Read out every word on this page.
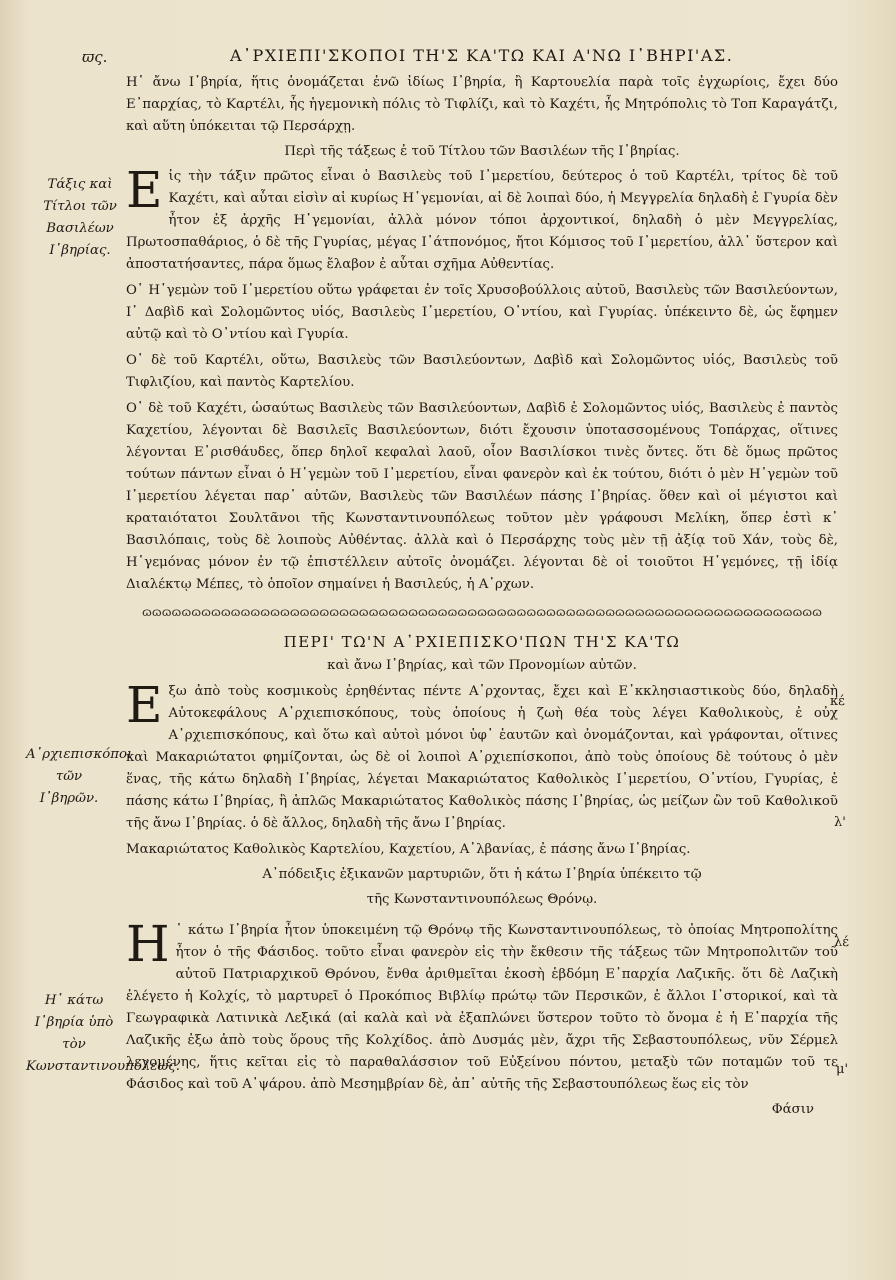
ϖς.	Α᾿ΡΧΙΕΠΙ'ΣΚΟΠΟΙ ΤΗ'Σ ΚΑ'ΤΩ ΚΑΙ Α'ΝΩ Ι᾿ΒΗΡΙ'ΑΣ.
Τάξις καὶ Τίτλοι τῶν Βασιλέων Ι᾿βηρίας.
Α᾿ρχιεπισκόποι τῶν Ι᾿βηρῶν.
Η῾ κάτω Ι᾿βηρία ὑπὸ τὸν Κωνσταντινουπόλεως.
κέ
λ'
λέ
μ'

Η῾ ἄνω Ι᾿βηρία, ἥτις ὀνομάζεται ἐνῶ ἰδίως Ι᾿βηρία, ἢ Καρτουελία παρὰ τοῖς ἐγχωρίοις, ἔχει δύο Ε᾿παρχίας, τὸ Καρτέλι, ἧς ἡγεμονικὴ πόλις τὸ Τιφλίζι, καὶ τὸ Καχέτι, ἧς Μητρόπολις τὸ Τοπ Καραγάτζι, καὶ αὕτη ὑπόκειται τῷ Περσάρχῃ.

Περὶ τῆς τάξεως ἐ τοῦ Τίτλου τῶν Βασιλέων τῆς Ι᾿βηρίας.

Εἰς τὴν τάξιν πρῶτος εἶναι ὁ Βασιλεὺς τοῦ Ι᾿μερετίου, δεύτερος ὁ τοῦ Καρτέλι, τρίτος δὲ τοῦ Καχέτι, καὶ αὗται εἰσὶν αἱ κυρίως Η῾γεμονίαι, αἱ δὲ λοιπαὶ δύο, ἡ Μεγγρελία δηλαδὴ ἐ Γγυρία δὲν ἦτον ἐξ ἀρχῆς Η῾γεμονίαι, ἀλλὰ μόνον τόποι ἀρχοντικοί, δηλαδὴ ὁ μὲν Μεγγρελίας, Πρωτοσπαθάριος, ὁ δὲ τῆς Γγυρίας, μέγας Ι᾿άτπονόμος, ἤτοι Κόμισος τοῦ Ι᾿μερετίου, ἀλλ᾿ ὕστερον καὶ ἀποστατήσαντες, πάρα ὅμως ἔλαβον ἐ αὗται σχῆμα Αὐθεντίας.

Ο῾ Η῾γεμὼν τοῦ Ι᾿μερετίου οὕτω γράφεται ἐν τοῖς Χρυσοβούλλοις αὐτοῦ, Βασιλεὺς τῶν Βασιλεύοντων, Ι᾿ Δαβὶδ καὶ Σολομῶντος υἱός, Βασιλεὺς Ι᾿μερετίου, Ο᾿ντίου, καὶ Γγυρίας. ὑπέκειντο δὲ, ὡς ἔφημεν αὐτῷ καὶ τὸ Ο᾿ντίου καὶ Γγυρία.

Ο῾ δὲ τοῦ Καρτέλι, οὕτω, Βασιλεὺς τῶν Βασιλεύοντων, Δαβὶδ καὶ Σολομῶντος υἱός, Βασιλεὺς τοῦ Τιφλιζίου, καὶ παντὸς Καρτελίου.

Ο῾ δὲ τοῦ Καχέτι, ὡσαύτως Βασιλεὺς τῶν Βασιλεύοντων, Δαβὶδ ἐ Σολομῶντος υἱός, Βασιλεὺς ἐ παντὸς Καχετίου, λέγονται δὲ Βασιλεῖς Βασιλεύοντων, διότι ἔχουσιν ὑποτασσομένους Τοπάρχας, οἵτινες λέγονται Ε᾿ρισθάυδες, ὅπερ δηλοῖ κεφαλαὶ λαοῦ, οἷον Βασιλίσκοι τινὲς ὄντες. ὅτι δὲ ὅμως πρῶτος τούτων πάντων εἶναι ὁ Η῾γεμὼν τοῦ Ι᾿μερετίου, εἶναι φανερὸν καὶ ἐκ τούτου, διότι ὁ μὲν Η῾γεμὼν τοῦ Ι᾿μερετίου λέγεται παρ᾿ αὐτῶν, Βασιλεὺς τῶν Βασιλέων πάσης Ι᾿βηρίας. ὅθεν καὶ οἱ μέγιστοι καὶ κραταιότατοι Σουλτᾶνοι τῆς Κωνσταντινουπόλεως τοῦτον μὲν γράφουσι Μελίκη, ὅπερ ἐστὶ κ᾿ Βασιλόπαις, τοὺς δὲ λοιποὺς Αὐθέντας. ἀλλὰ καὶ ὁ Περσάρχης τοὺς μὲν τῇ ἀξίᾳ τοῦ Χάν, τοὺς δὲ, Η῾γεμόνας μόνον ἐν τῷ ἐπιστέλλειν αὐτοῖς ὀνομάζει. λέγονται δὲ οἱ τοιοῦτοι Η῾γεμόνες, τῇ ἰδίᾳ Διαλέκτῳ Μέπες, τὸ ὁποῖον σημαίνει ἡ Βασιλεύς, ἡ Α᾿ρχων.

ɷɷɷɷɷɷɷɷɷɷɷɷɷɷɷɷɷɷɷɷɷɷɷɷɷɷɷɷɷɷɷɷɷɷɷɷɷɷɷɷɷɷɷɷɷɷɷɷɷɷɷɷɷɷɷɷɷɷɷɷɷɷɷɷɷɷɷɷɷ
ΠΕΡΙ' ΤΩ'Ν Α᾿ΡΧΙΕΠΙΣΚΟ'ΠΩΝ ΤΗ'Σ ΚΑ'ΤΩ
καὶ ἄνω Ι᾿βηρίας, καὶ τῶν Προνομίων αὐτῶν.

Εξω ἀπὸ τοὺς κοσμικοὺς ἐρηθέντας πέντε Α᾿ρχοντας, ἔχει καὶ Ε᾿κκλησιαστικοὺς δύο, δηλαδὴ Αὐτοκεφάλους Α᾿ρχιεπισκόπους, τοὺς ὁποίους ἡ ζωὴ θέα τοὺς λέγει Καθολικοὺς, ἐ οὐχ Α᾿ρχιεπισκόπους, καὶ ὅτω καὶ αὐτοὶ μόνοι ὑφ᾿ ἑαυτῶν καὶ ὀνομάζονται, καὶ γράφονται, οἵτινες καὶ Μακαριώτατοι φημίζονται, ὡς δὲ οἱ λοιποὶ Α᾿ρχιεπίσκοποι, ἀπὸ τοὺς ὁποίους δὲ τούτους ὁ μὲν ἕνας, τῆς κάτω δηλαδὴ Ι᾿βηρίας, λέγεται Μακαριώτατος Καθολικὸς Ι᾿μερετίου, Ο᾿ντίου, Γγυρίας, ἐ πάσης κάτω Ι᾿βηρίας, ἢ ἁπλῶς Μακαριώτατος Καθολικὸς πάσης Ι᾿βηρίας, ὡς μείζων ὢν τοῦ Καθολικοῦ τῆς ἄνω Ι᾿βηρίας. ὁ δὲ ἄλλος, δηλαδὴ τῆς ἄνω Ι᾿βηρίας.

Μακαριώτατος Καθολικὸς Καρτελίου, Καχετίου, Α᾿λβανίας, ἐ πάσης ἄνω Ι᾿βηρίας.

Α᾿πόδειξις ἐξικανῶν μαρτυριῶν, ὅτι ἡ κάτω Ι᾿βηρία ὑπέκειτο τῷ
τῆς Κωνσταντινουπόλεως Θρόνῳ.

Η ῾ κάτω Ι᾿βηρία ἦτον ὑποκειμένη τῷ Θρόνῳ τῆς Κωνσταντινουπόλεως, τὸ ὁποίας Μητροπολίτης ἦτον ὁ τῆς Φάσιδος. τοῦτο εἶναι φανερὸν εἰς τὴν ἔκθεσιν τῆς τάξεως τῶν Μητροπολιτῶν τοῦ αὐτοῦ Πατριαρχικοῦ Θρόνου, ἔνθα ἀριθμεῖται ἑκοσὴ ἑβδόμη Ε᾿παρχία Λαζικῆς. ὅτι δὲ Λαζικὴ ἐλέγετο ἡ Κολχίς, τὸ μαρτυρεῖ ὁ Προκόπιος Βιβλίῳ πρώτῳ τῶν Περσικῶν, ἐ ἄλλοι Ι᾿στορικοί, καὶ τὰ Γεωγραφικὰ Λατινικὰ Λεξικά (αἱ καλὰ καὶ νὰ ἐξαπλώνει ὕστερον τοῦτο τὸ ὄνομα ἐ ἡ Ε᾿παρχία τῆς Λαζικῆς ἐξω ἀπὸ τοὺς ὅρους τῆς Κολχίδος. ἀπὸ Δυσμάς μὲν, ἄχρι τῆς Σεβαστουπόλεως, νῦν Σέρμελ λεγομένης, ἥτις κεῖται εἰς τὸ παραθαλάσσιον τοῦ Εὐξείνου πόντου, μεταξὺ τῶν ποταμῶν τοῦ τε Φάσιδος καὶ τοῦ Α᾿ψάρου. ἀπὸ Μεσημβρίαν δὲ, ἀπ᾿ αὐτῆς τῆς Σεβαστουπόλεως ἕως εἰς τὸν

Φάσιν
